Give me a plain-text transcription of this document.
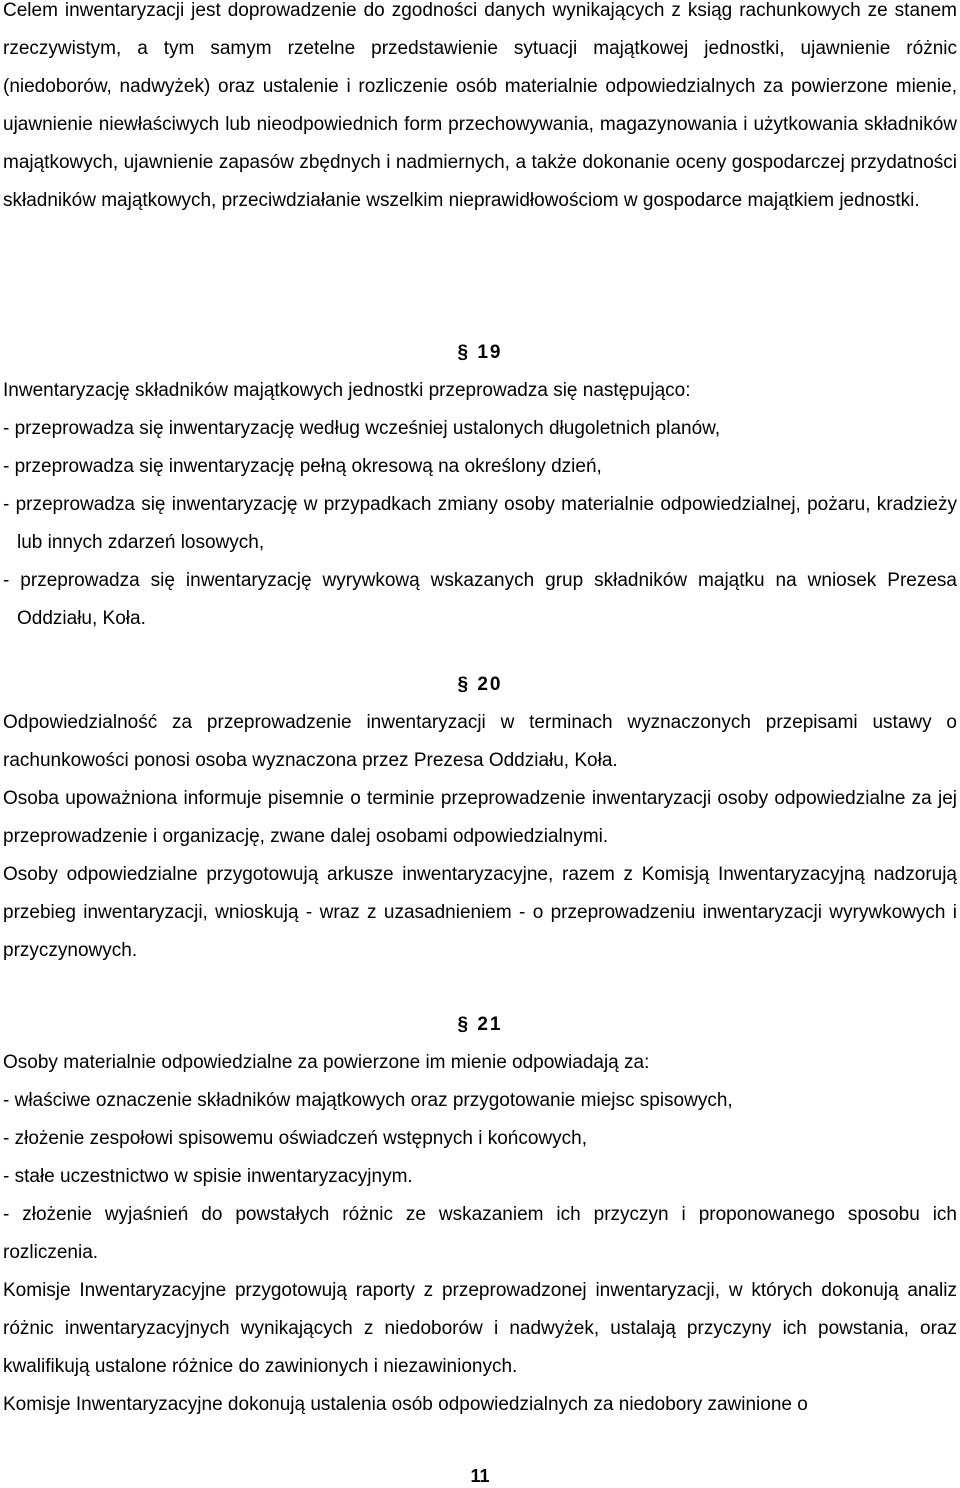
Celem inwentaryzacji jest doprowadzenie do zgodności danych wynikających z ksiąg rachunkowych ze stanem rzeczywistym, a tym samym rzetelne przedstawienie sytuacji majątkowej jednostki, ujawnienie różnic (niedoborów, nadwyżek) oraz ustalenie i rozliczenie osób materialnie odpowiedzialnych za powierzone mienie, ujawnienie niewłaściwych lub nieodpowiednich form przechowywania, magazynowania i użytkowania składników majątkowych, ujawnienie zapasów zbędnych i nadmiernych, a także dokonanie oceny gospodarczej przydatności składników majątkowych, przeciwdziałanie wszelkim nieprawidłowościom w gospodarce majątkiem jednostki.

§ 19

Inwentaryzację składników majątkowych jednostki przeprowadza się następująco:

- przeprowadza się inwentaryzację według wcześniej ustalonych długoletnich planów,

- przeprowadza się inwentaryzację pełną okresową na określony dzień,

- przeprowadza się inwentaryzację w przypadkach zmiany osoby materialnie odpowiedzialnej, pożaru, kradzieży lub innych zdarzeń losowych,

- przeprowadza się inwentaryzację wyrywkową wskazanych grup składników majątku na wniosek Prezesa Oddziału, Koła.

§ 20

Odpowiedzialność za przeprowadzenie inwentaryzacji w terminach wyznaczonych przepisami ustawy o rachunkowości ponosi osoba wyznaczona przez Prezesa Oddziału, Koła.

Osoba upoważniona informuje pisemnie o terminie przeprowadzenie inwentaryzacji osoby odpowiedzialne za jej przeprowadzenie i organizację, zwane dalej osobami odpowiedzialnymi.

Osoby odpowiedzialne przygotowują arkusze inwentaryzacyjne, razem z Komisją Inwentaryzacyjną nadzorują przebieg inwentaryzacji, wnioskują - wraz z uzasadnieniem - o przeprowadzeniu inwentaryzacji wyrywkowych i przyczynowych.

§ 21

Osoby materialnie odpowiedzialne za powierzone im mienie odpowiadają za:

- właściwe oznaczenie składników majątkowych oraz przygotowanie miejsc spisowych,

- złożenie zespołowi spisowemu oświadczeń wstępnych i końcowych,

- stałe uczestnictwo w spisie inwentaryzacyjnym.

- złożenie wyjaśnień do powstałych różnic ze wskazaniem ich przyczyn i proponowanego sposobu ich rozliczenia.

Komisje Inwentaryzacyjne przygotowują raporty z przeprowadzonej inwentaryzacji, w których dokonują analiz różnic inwentaryzacyjnych wynikających z niedoborów i nadwyżek, ustalają przyczyny ich powstania, oraz kwalifikują ustalone różnice do zawinionych i niezawinionych.

Komisje Inwentaryzacyjne dokonują ustalenia osób odpowiedzialnych za niedobory zawinione o

11
